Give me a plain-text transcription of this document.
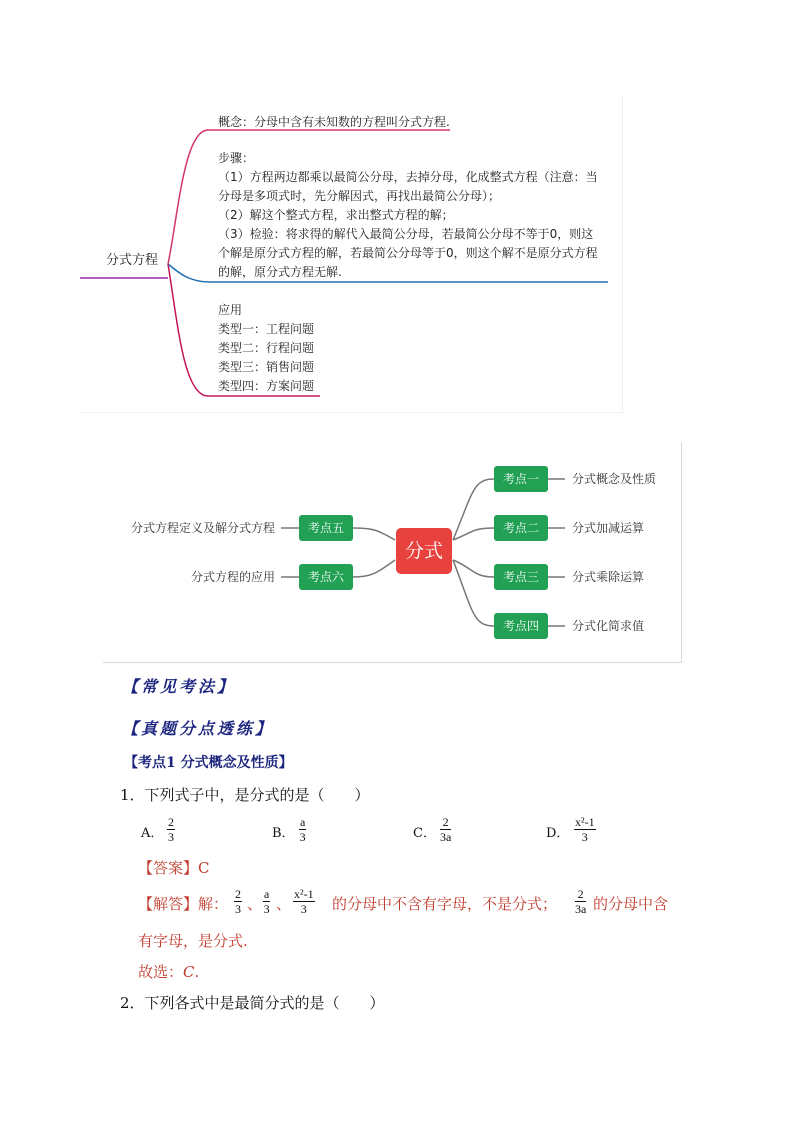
分式方程
概念：分母中含有未知数的方程叫分式方程.
步骤：
（1）方程两边都乘以最简公分母，去掉分母，化成整式方程（注意：当
分母是多项式时，先分解因式，再找出最简公分母）；
（2）解这个整式方程，求出整式方程的解；
（3）检验：将求得的解代入最简公分母，若最简公分母不等于0，则这
个解是原分式方程的解，若最简公分母等于0，则这个解不是原分式方程
的解，原分式方程无解.
应用
类型一：工程问题
类型二：行程问题
类型三：销售问题
类型四：方案问题
分式
考点一
考点二
考点三
考点四
考点五
考点六
分式概念及性质
分式加减运算
分式乘除运算
分式化简求值
分式方程定义及解分式方程
分式方程的应用
【常见考法】
【真题分点透练】
【考点1 分式概念及性质】
1．下列式子中，是分式的是（　　）
A． $\frac{2}{3}$	B． $\frac{a}{3}$	C． $\frac{2}{3a}$	D． $\frac{\text{x²-1}}{3}$
【答案】C
【解答】解： $\frac{2}{3}$ 、 $\frac{a}{3}$ 、 $\frac{\text{x²-1}}{3}$ 的分母中不含有字母，不是分式； $\frac{2}{3a}$ 的分母中含
有字母，是分式.
故选：C.
2．下列各式中是最简分式的是（　　）
